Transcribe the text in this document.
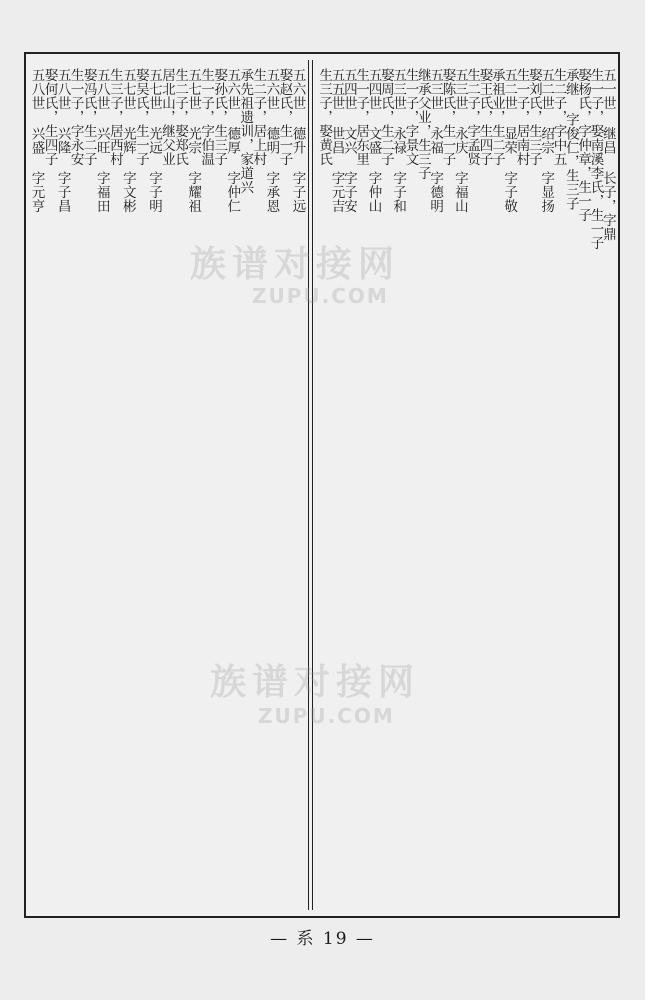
五一世 继昌 长子，字鼎
生一子，娶南溪李氏，生一子
娶杨氏，字仲章，生一子
承继 字俊仁，生三子
生二子，字中五
五二世 绍宗 字显扬
娶刘氏，生三子
生一子，居南村
五二世 显荣 字子敬
承祖业，生二子
娶王氏，生四子
生二子，字孟贤
五三世 永庆 字福山
娶陈氏，生一子
五三世 永福 字德明
继承父业，生三子
生一子，字景文
五三世 永禄 字子和
娶周氏，生二子
五四世 文盛 字仲山
生一子，居东里
五四世 文兴 字子安
五五世 世昌 字元吉
生三子，娶黄氏
五六世 德升 字子远
娶赵氏，生一子
五六世 德明 字承恩
生二子，居上村
承先祖遗训，家道兴
五六世 德厚 字仲仁
娶孙氏，生三子
生一子，字伯温
五七世 光宗 字耀祖
生二子，娶郑氏
居北山，继父业
五七世 光远 字子明
娶吴氏，生一子
五七世 光辉 字文彬
生三子，居西村
五八世 兴旺 字福田
娶冯氏，生二子
生一子，字永安
五八世 兴隆 字子昌
娶何氏，生四子
五八世 兴盛 字元亨
族谱对接网
ZUPU.COM
族谱对接网
ZUPU.COM
— 系 19 —
